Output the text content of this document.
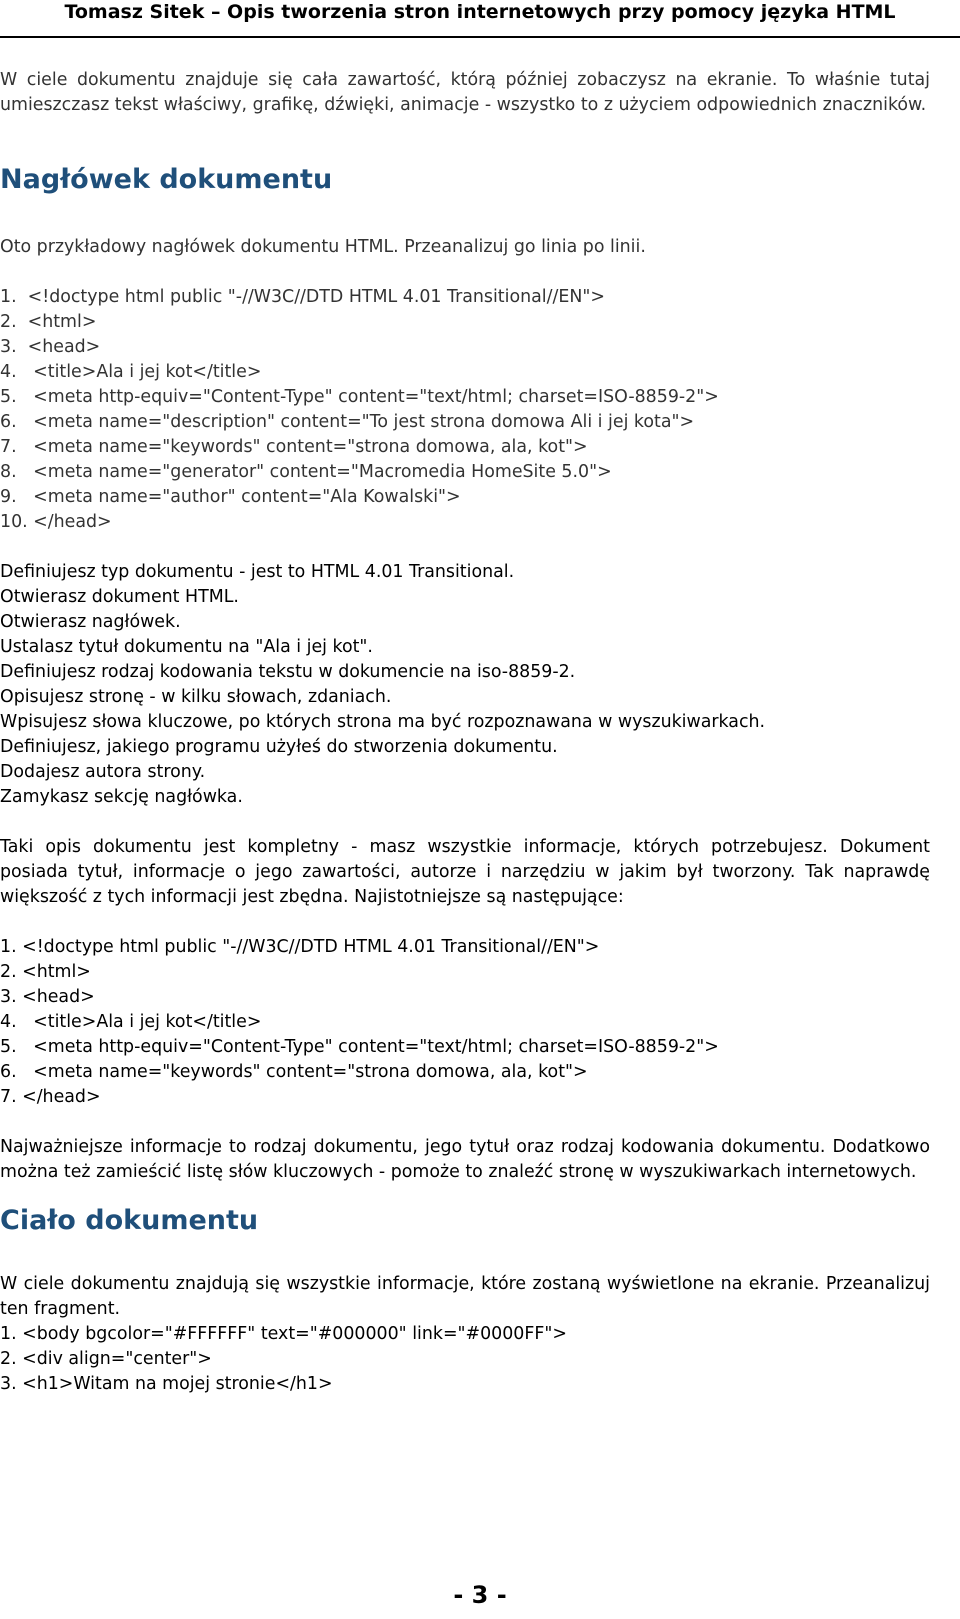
Tomasz Sitek – Opis tworzenia stron internetowych przy pomocy języka HTML

W ciele dokumentu znajduje się cała zawartość, którą później zobaczysz na ekranie. To właśnie tutaj umieszczasz tekst właściwy, grafikę, dźwięki, animacje - wszystko to z użyciem odpowiednich znaczników.

Nagłówek dokumentu

Oto przykładowy nagłówek dokumentu HTML. Przeanalizuj go linia po linii.

1.  <!doctype html public "-//W3C//DTD HTML 4.01 Transitional//EN">
2.  <html>
3.  <head>
4.   <title>Ala i jej kot</title>
5.   <meta http-equiv="Content-Type" content="text/html; charset=ISO-8859-2">
6.   <meta name="description" content="To jest strona domowa Ali i jej kota">
7.   <meta name="keywords" content="strona domowa, ala, kot">
8.   <meta name="generator" content="Macromedia HomeSite 5.0">
9.   <meta name="author" content="Ala Kowalski">
10. </head>

Definiujesz typ dokumentu - jest to HTML 4.01 Transitional.

Otwierasz dokument HTML.

Otwierasz nagłówek.

Ustalasz tytuł dokumentu na "Ala i jej kot".

Definiujesz rodzaj kodowania tekstu w dokumencie na iso-8859-2.

Opisujesz stronę - w kilku słowach, zdaniach.

Wpisujesz słowa kluczowe, po których strona ma być rozpoznawana w wyszukiwarkach.

Definiujesz, jakiego programu użyłeś do stworzenia dokumentu.

Dodajesz autora strony.

Zamykasz sekcję nagłówka.

Taki opis dokumentu jest kompletny - masz wszystkie informacje, których potrzebujesz. Dokument posiada tytuł, informacje o jego zawartości, autorze i narzędziu w jakim był tworzony. Tak naprawdę większość z tych informacji jest zbędna. Najistotniejsze są następujące:

1. <!doctype html public "-//W3C//DTD HTML 4.01 Transitional//EN">
2. <html>
3. <head>
4.   <title>Ala i jej kot</title>
5.   <meta http-equiv="Content-Type" content="text/html; charset=ISO-8859-2">
6.   <meta name="keywords" content="strona domowa, ala, kot">
7. </head>

Najważniejsze informacje to rodzaj dokumentu, jego tytuł oraz rodzaj kodowania dokumentu. Dodatkowo można też zamieścić listę słów kluczowych - pomoże to znaleźć stronę w wyszukiwarkach internetowych.

Ciało dokumentu

W ciele dokumentu znajdują się wszystkie informacje, które zostaną wyświetlone na ekranie. Przeanalizuj ten fragment.

1. <body bgcolor="#FFFFFF" text="#000000" link="#0000FF">
2. <div align="center">
3. <h1>Witam na mojej stronie</h1>
- 3 -
